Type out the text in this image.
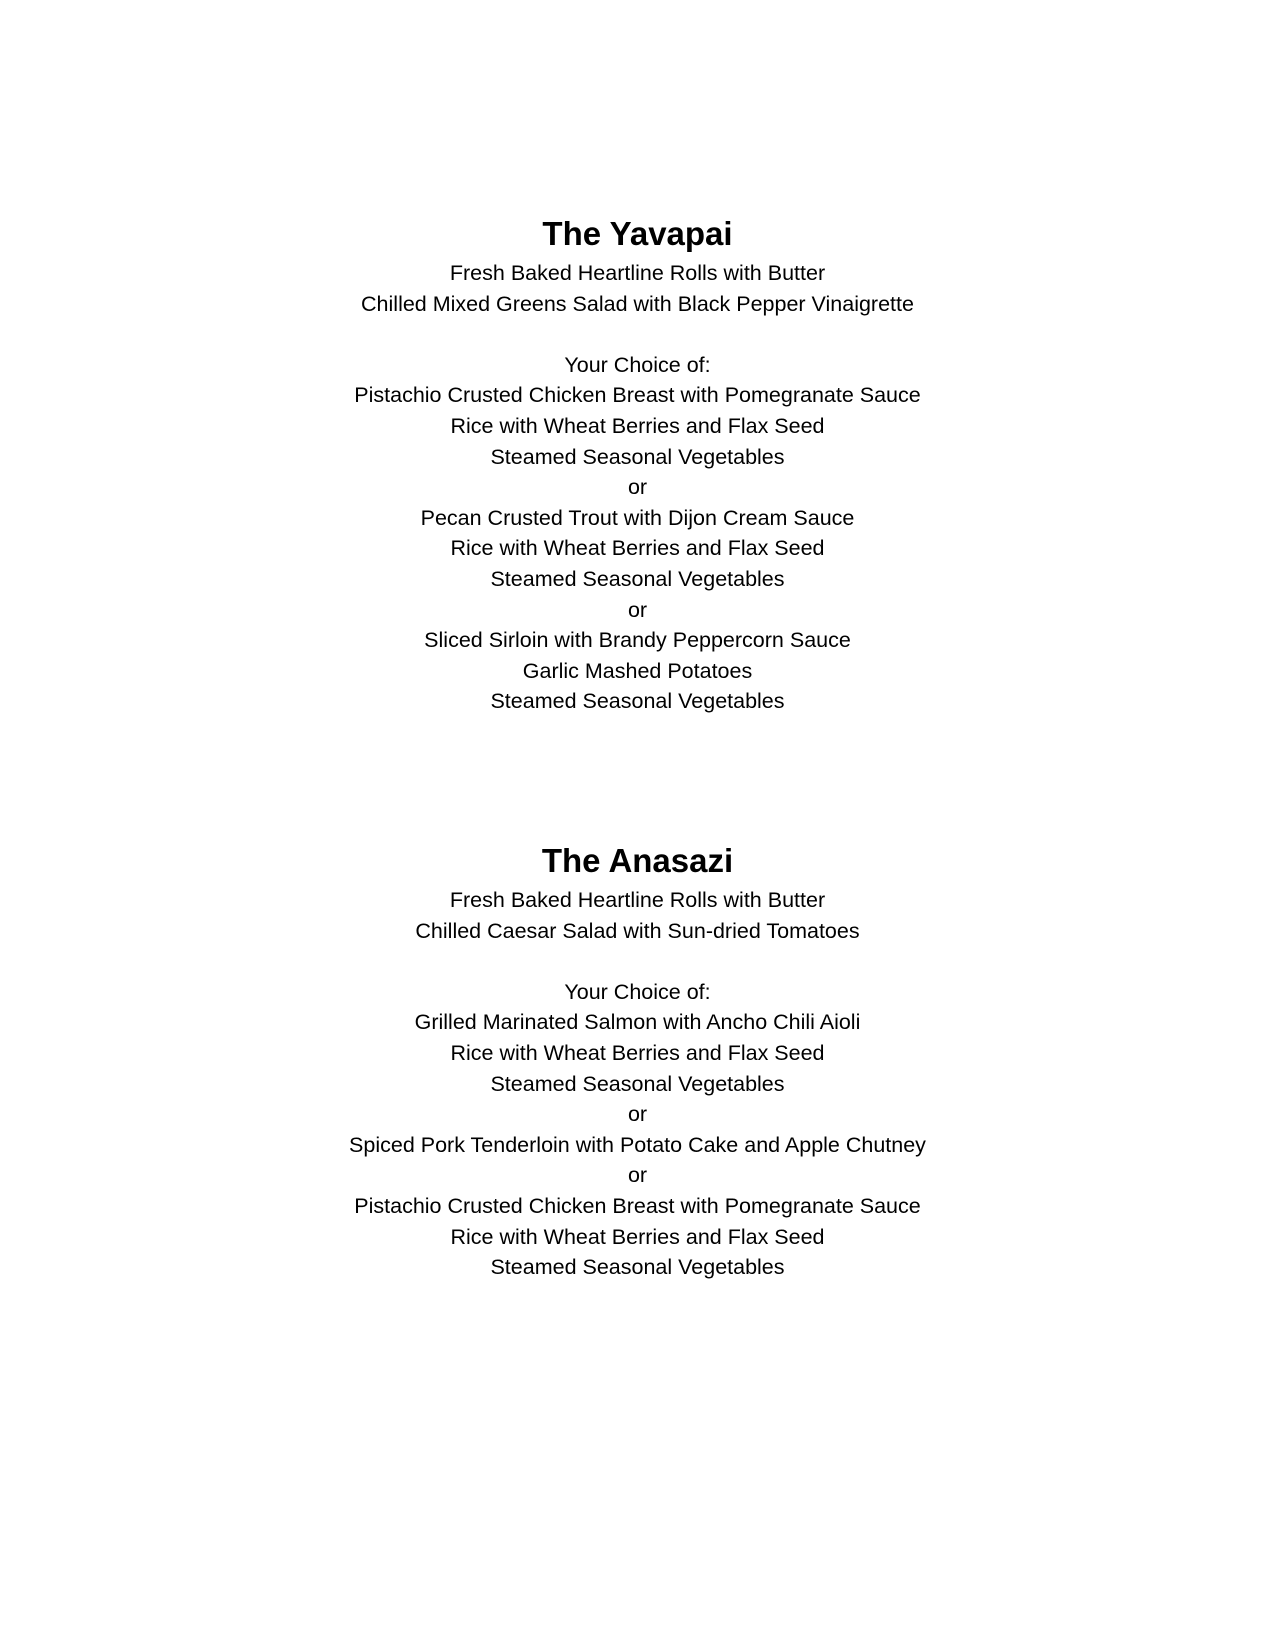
The Yavapai
Fresh Baked Heartline Rolls with Butter
Chilled Mixed Greens Salad with Black Pepper Vinaigrette
Your Choice of:
Pistachio Crusted Chicken Breast with Pomegranate Sauce
Rice with Wheat Berries and Flax Seed
Steamed Seasonal Vegetables
or
Pecan Crusted Trout with Dijon Cream Sauce
Rice with Wheat Berries and Flax Seed
Steamed Seasonal Vegetables
or
Sliced Sirloin with Brandy Peppercorn Sauce
Garlic Mashed Potatoes
Steamed Seasonal Vegetables
The Anasazi
Fresh Baked Heartline Rolls with Butter
Chilled Caesar Salad with Sun-dried Tomatoes
Your Choice of:
Grilled Marinated Salmon with Ancho Chili Aioli
Rice with Wheat Berries and Flax Seed
Steamed Seasonal Vegetables
or
Spiced Pork Tenderloin with Potato Cake and Apple Chutney
or
Pistachio Crusted Chicken Breast with Pomegranate Sauce
Rice with Wheat Berries and Flax Seed
Steamed Seasonal Vegetables
